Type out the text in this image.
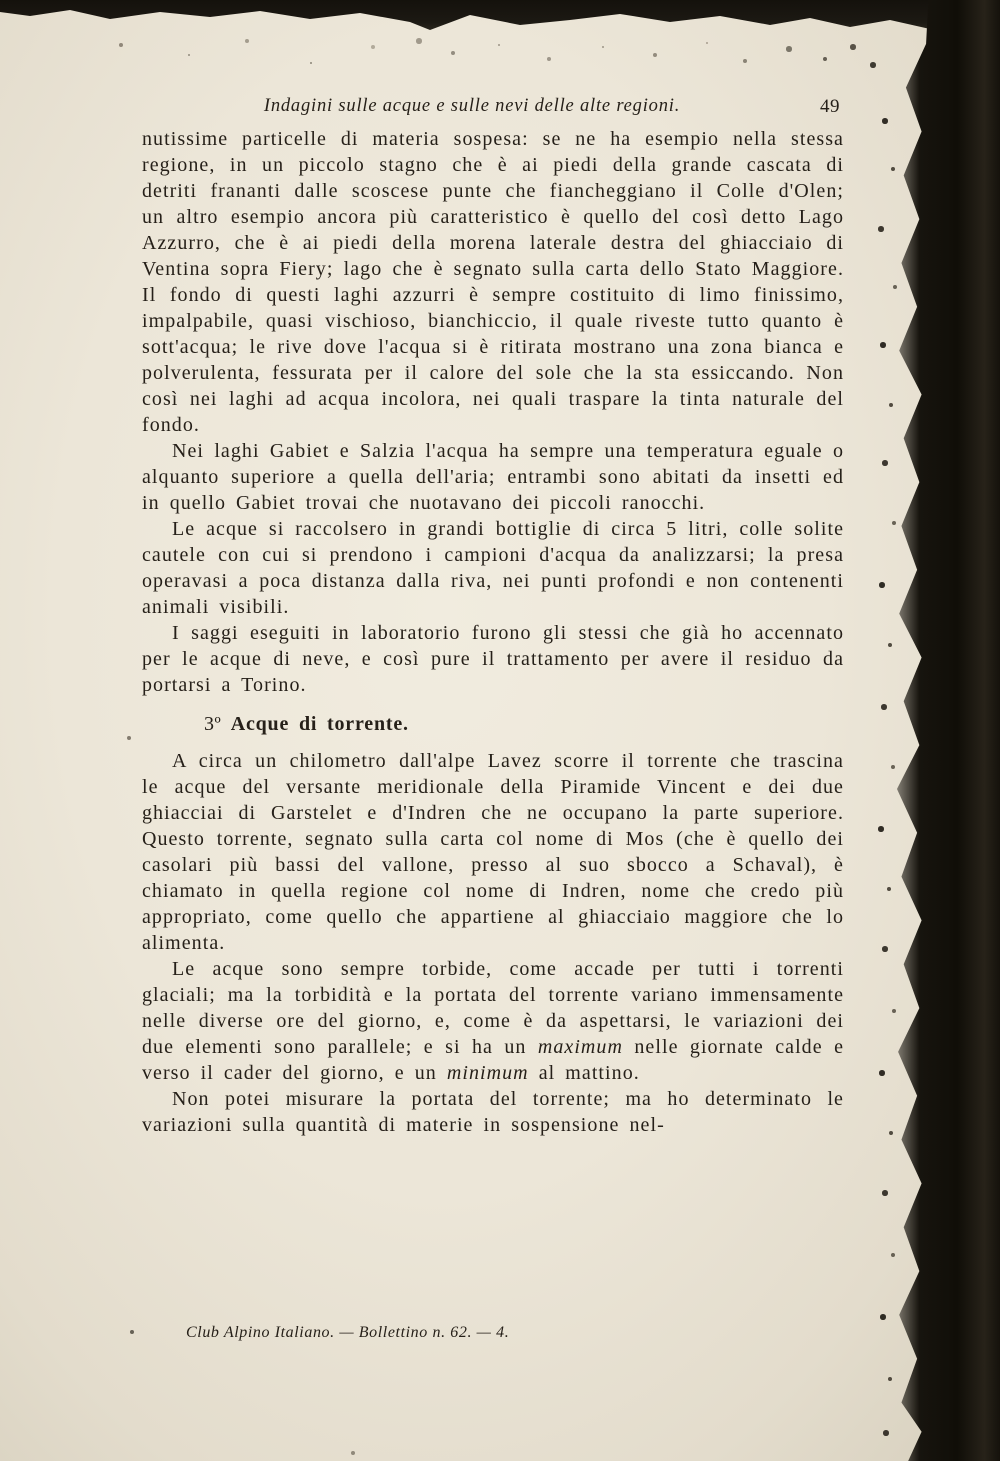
Indagini sulle acque e sulle nevi delle alte regioni.	49

nutissime particelle di materia sospesa: se ne ha esempio nella stessa regione, in un piccolo stagno che è ai piedi della grande cascata di detriti frananti dalle scoscese punte che fiancheggiano il Colle d'Olen; un altro esempio ancora più caratteristico è quello del così detto Lago Azzurro, che è ai piedi della morena laterale destra del ghiacciaio di Ventina sopra Fiery; lago che è segnato sulla carta dello Stato Maggiore. Il fondo di questi laghi azzurri è sempre costituito di limo finissimo, impalpabile, quasi vischioso, bianchiccio, il quale riveste tutto quanto è sott'acqua; le rive dove l'acqua si è ritirata mostrano una zona bianca e polverulenta, fessurata per il calore del sole che la sta essiccando. Non così nei laghi ad acqua incolora, nei quali traspare la tinta naturale del fondo.

Nei laghi Gabiet e Salzia l'acqua ha sempre una temperatura eguale o alquanto superiore a quella dell'aria; entrambi sono abitati da insetti ed in quello Gabiet trovai che nuotavano dei piccoli ranocchi.

Le acque si raccolsero in grandi bottiglie di circa 5 litri, colle solite cautele con cui si prendono i campioni d'acqua da analizzarsi; la presa operavasi a poca distanza dalla riva, nei punti profondi e non contenenti animali visibili.

I saggi eseguiti in laboratorio furono gli stessi che già ho accennato per le acque di neve, e così pure il trattamento per avere il residuo da portarsi a Torino.

3º Acque di torrente.

A circa un chilometro dall'alpe Lavez scorre il torrente che trascina le acque del versante meridionale della Piramide Vincent e dei due ghiacciai di Garstelet e d'Indren che ne occupano la parte superiore. Questo torrente, segnato sulla carta col nome di Mos (che è quello dei casolari più bassi del vallone, presso al suo sbocco a Schaval), è chiamato in quella regione col nome di Indren, nome che credo più appropriato, come quello che appartiene al ghiacciaio maggiore che lo alimenta.

Le acque sono sempre torbide, come accade per tutti i torrenti glaciali; ma la torbidità e la portata del torrente variano immensamente nelle diverse ore del giorno, e, come è da aspettarsi, le variazioni dei due elementi sono parallele; e si ha un maximum nelle giornate calde e verso il cader del giorno, e un minimum al mattino.

Non potei misurare la portata del torrente; ma ho determinato le variazioni sulla quantità di materie in sospensione nel-

Club Alpino Italiano. — Bollettino n. 62. — 4.
